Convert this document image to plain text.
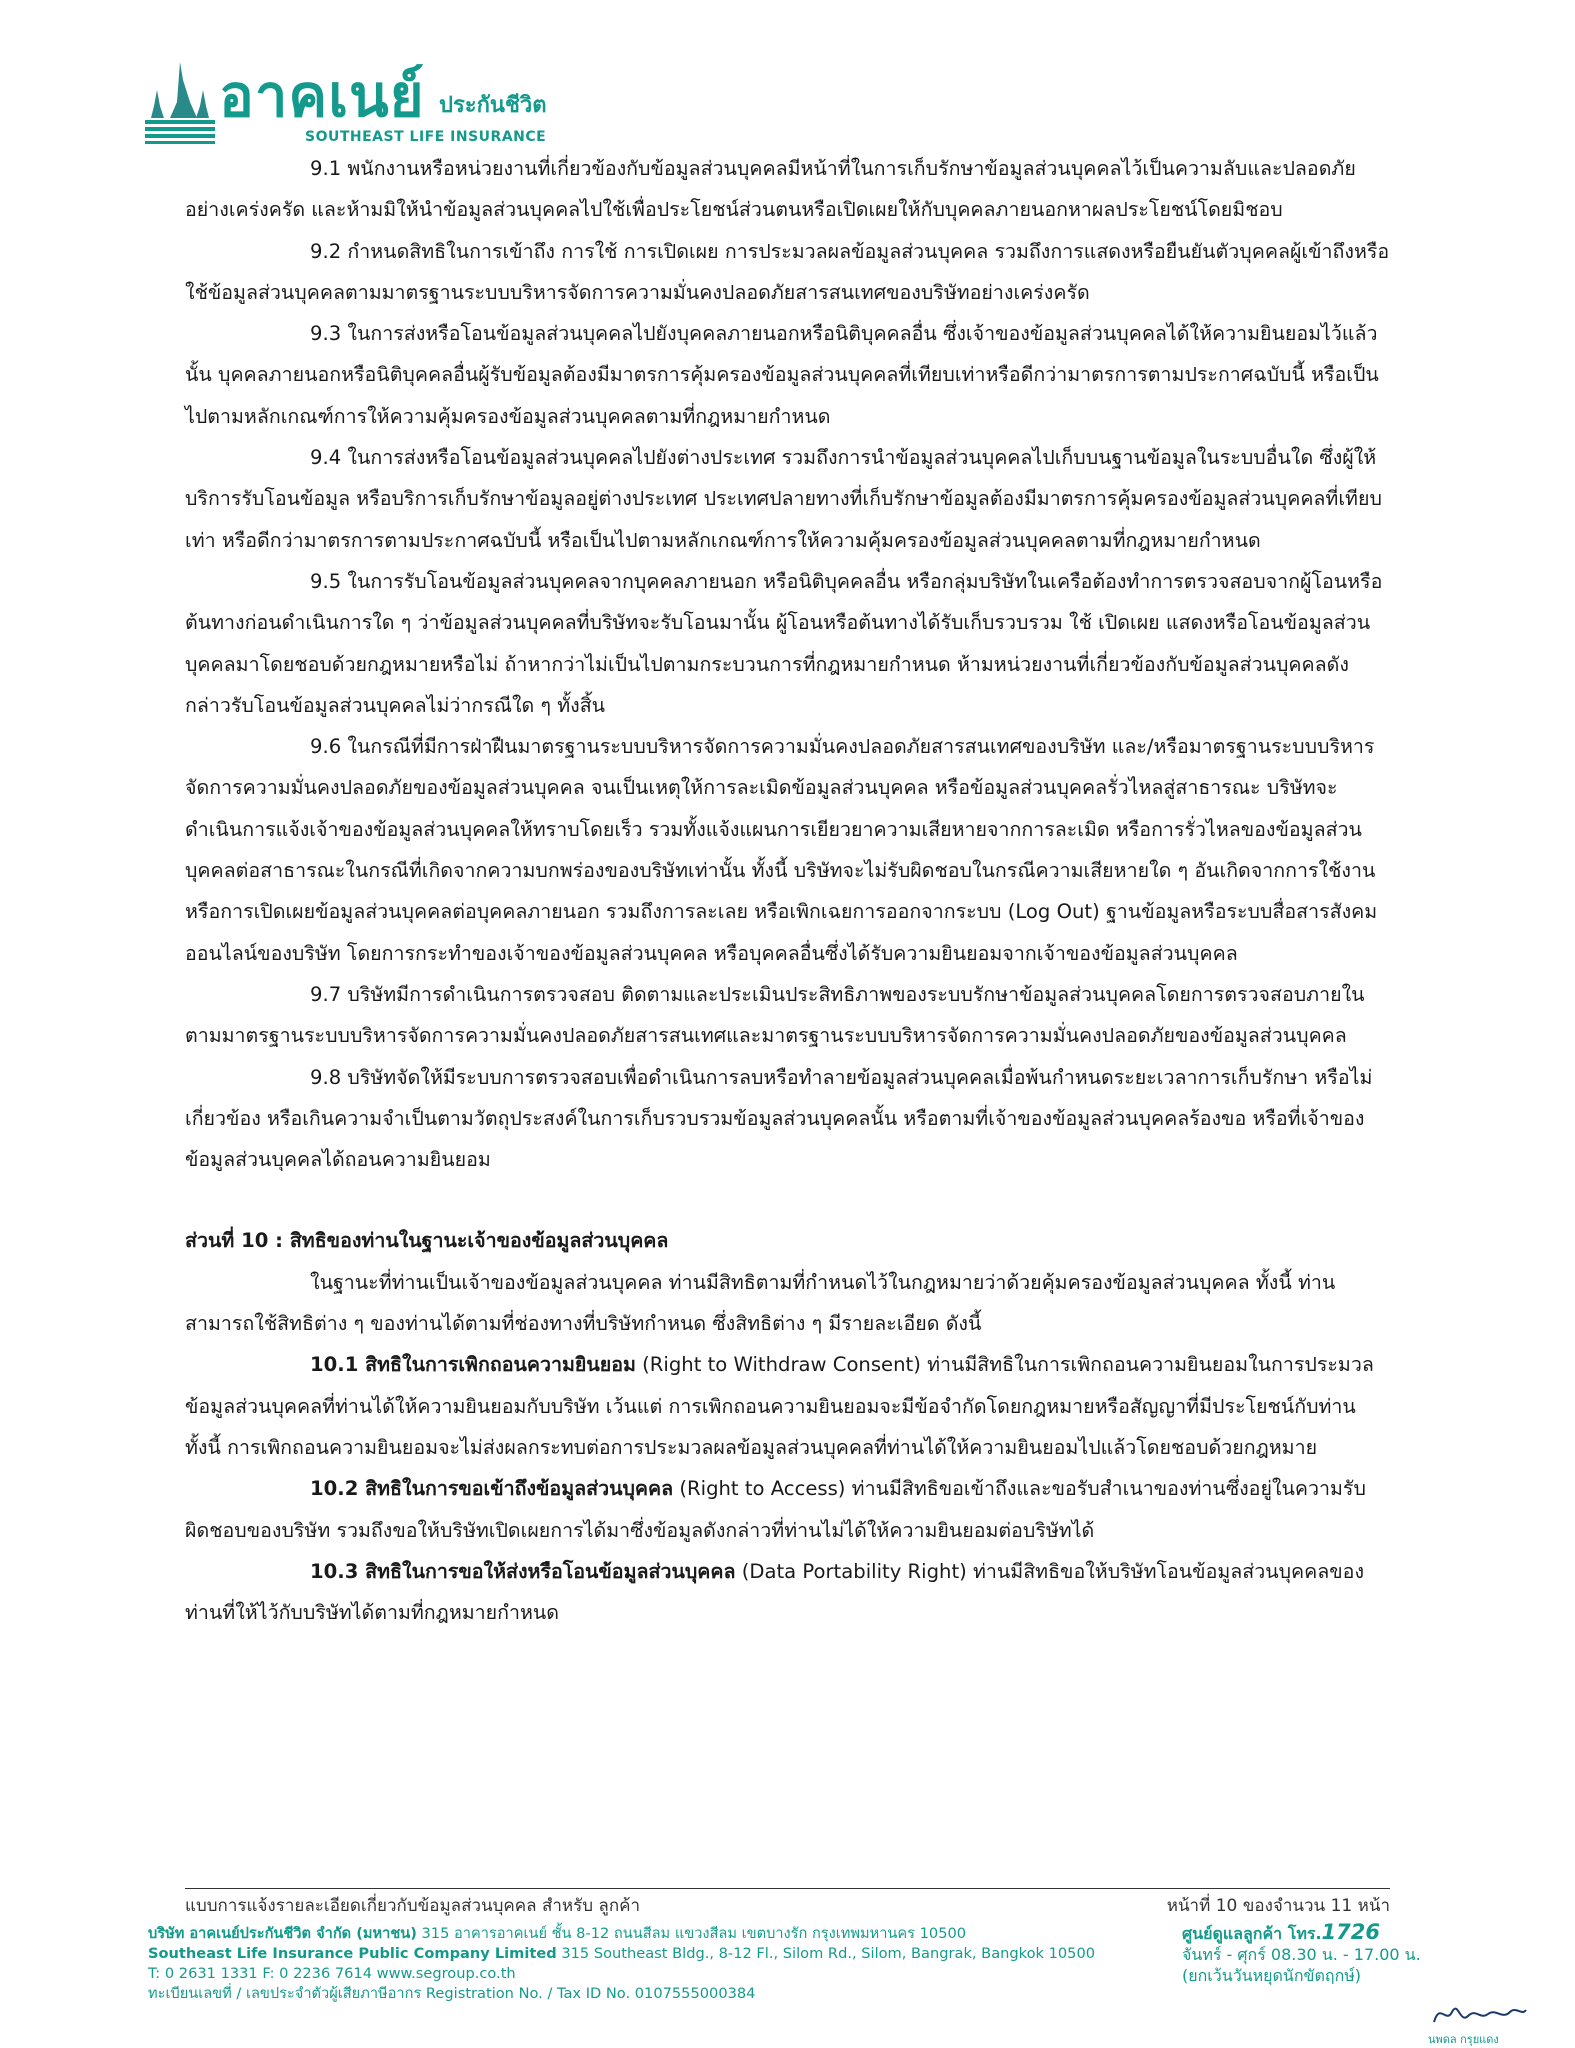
อาคเนย์ ประกันชีวิต
SOUTHEAST LIFE INSURANCE

9.1 พนักงานหรือหน่วยงานที่เกี่ยวข้องกับข้อมูลส่วนบุคคลมีหน้าที่ในการเก็บรักษาข้อมูลส่วนบุคคลไว้เป็นความลับและปลอดภัยอย่างเคร่งครัด และห้ามมิให้นำข้อมูลส่วนบุคคลไปใช้เพื่อประโยชน์ส่วนตนหรือเปิดเผยให้กับบุคคลภายนอกหาผลประโยชน์โดยมิชอบ

9.2 กำหนดสิทธิในการเข้าถึง การใช้ การเปิดเผย การประมวลผลข้อมูลส่วนบุคคล รวมถึงการแสดงหรือยืนยันตัวบุคคลผู้เข้าถึงหรือใช้ข้อมูลส่วนบุคคลตามมาตรฐานระบบบริหารจัดการความมั่นคงปลอดภัยสารสนเทศของบริษัทอย่างเคร่งครัด

9.3 ในการส่งหรือโอนข้อมูลส่วนบุคคลไปยังบุคคลภายนอกหรือนิติบุคคลอื่น ซึ่งเจ้าของข้อมูลส่วนบุคคลได้ให้ความยินยอมไว้แล้วนั้น บุคคลภายนอกหรือนิติบุคคลอื่นผู้รับข้อมูลต้องมีมาตรการคุ้มครองข้อมูลส่วนบุคคลที่เทียบเท่าหรือดีกว่ามาตรการตามประกาศฉบับนี้ หรือเป็นไปตามหลักเกณฑ์การให้ความคุ้มครองข้อมูลส่วนบุคคลตามที่กฎหมายกำหนด

9.4 ในการส่งหรือโอนข้อมูลส่วนบุคคลไปยังต่างประเทศ รวมถึงการนำข้อมูลส่วนบุคคลไปเก็บบนฐานข้อมูลในระบบอื่นใด ซึ่งผู้ให้บริการรับโอนข้อมูล หรือบริการเก็บรักษาข้อมูลอยู่ต่างประเทศ ประเทศปลายทางที่เก็บรักษาข้อมูลต้องมีมาตรการคุ้มครองข้อมูลส่วนบุคคลที่เทียบเท่า หรือดีกว่ามาตรการตามประกาศฉบับนี้ หรือเป็นไปตามหลักเกณฑ์การให้ความคุ้มครองข้อมูลส่วนบุคคลตามที่กฎหมายกำหนด

9.5 ในการรับโอนข้อมูลส่วนบุคคลจากบุคคลภายนอก หรือนิติบุคคลอื่น หรือกลุ่มบริษัทในเครือต้องทำการตรวจสอบจากผู้โอนหรือต้นทางก่อนดำเนินการใด ๆ ว่าข้อมูลส่วนบุคคลที่บริษัทจะรับโอนมานั้น ผู้โอนหรือต้นทางได้รับเก็บรวบรวม ใช้ เปิดเผย แสดงหรือโอนข้อมูลส่วนบุคคลมาโดยชอบด้วยกฎหมายหรือไม่ ถ้าหากว่าไม่เป็นไปตามกระบวนการที่กฎหมายกำหนด ห้ามหน่วยงานที่เกี่ยวข้องกับข้อมูลส่วนบุคคลดังกล่าวรับโอนข้อมูลส่วนบุคคลไม่ว่ากรณีใด ๆ ทั้งสิ้น

9.6 ในกรณีที่มีการฝ่าฝืนมาตรฐานระบบบริหารจัดการความมั่นคงปลอดภัยสารสนเทศของบริษัท และ/หรือมาตรฐานระบบบริหารจัดการความมั่นคงปลอดภัยของข้อมูลส่วนบุคคล จนเป็นเหตุให้การละเมิดข้อมูลส่วนบุคคล หรือข้อมูลส่วนบุคคลรั่วไหลสู่สาธารณะ บริษัทจะดำเนินการแจ้งเจ้าของข้อมูลส่วนบุคคลให้ทราบโดยเร็ว รวมทั้งแจ้งแผนการเยียวยาความเสียหายจากการละเมิด หรือการรั่วไหลของข้อมูลส่วนบุคคลต่อสาธารณะในกรณีที่เกิดจากความบกพร่องของบริษัทเท่านั้น ทั้งนี้ บริษัทจะไม่รับผิดชอบในกรณีความเสียหายใด ๆ อันเกิดจากการใช้งานหรือการเปิดเผยข้อมูลส่วนบุคคลต่อบุคคลภายนอก รวมถึงการละเลย หรือเพิกเฉยการออกจากระบบ (Log Out) ฐานข้อมูลหรือระบบสื่อสารสังคมออนไลน์ของบริษัท โดยการกระทำของเจ้าของข้อมูลส่วนบุคคล หรือบุคคลอื่นซึ่งได้รับความยินยอมจากเจ้าของข้อมูลส่วนบุคคล

9.7 บริษัทมีการดำเนินการตรวจสอบ ติดตามและประเมินประสิทธิภาพของระบบรักษาข้อมูลส่วนบุคคลโดยการตรวจสอบภายในตามมาตรฐานระบบบริหารจัดการความมั่นคงปลอดภัยสารสนเทศและมาตรฐานระบบบริหารจัดการความมั่นคงปลอดภัยของข้อมูลส่วนบุคคล

9.8 บริษัทจัดให้มีระบบการตรวจสอบเพื่อดำเนินการลบหรือทำลายข้อมูลส่วนบุคคลเมื่อพ้นกำหนดระยะเวลาการเก็บรักษา หรือไม่เกี่ยวข้อง หรือเกินความจำเป็นตามวัตถุประสงค์ในการเก็บรวบรวมข้อมูลส่วนบุคคลนั้น หรือตามที่เจ้าของข้อมูลส่วนบุคคลร้องขอ หรือที่เจ้าของข้อมูลส่วนบุคคลได้ถอนความยินยอม

ส่วนที่ 10 : สิทธิของท่านในฐานะเจ้าของข้อมูลส่วนบุคคล

ในฐานะที่ท่านเป็นเจ้าของข้อมูลส่วนบุคคล ท่านมีสิทธิตามที่กำหนดไว้ในกฎหมายว่าด้วยคุ้มครองข้อมูลส่วนบุคคล ทั้งนี้ ท่านสามารถใช้สิทธิต่าง ๆ ของท่านได้ตามที่ช่องทางที่บริษัทกำหนด ซึ่งสิทธิต่าง ๆ มีรายละเอียด ดังนี้

10.1 สิทธิในการเพิกถอนความยินยอม (Right to Withdraw Consent) ท่านมีสิทธิในการเพิกถอนความยินยอมในการประมวลข้อมูลส่วนบุคคลที่ท่านได้ให้ความยินยอมกับบริษัท เว้นแต่ การเพิกถอนความยินยอมจะมีข้อจำกัดโดยกฎหมายหรือสัญญาที่มีประโยชน์กับท่าน ทั้งนี้ การเพิกถอนความยินยอมจะไม่ส่งผลกระทบต่อการประมวลผลข้อมูลส่วนบุคคลที่ท่านได้ให้ความยินยอมไปแล้วโดยชอบด้วยกฎหมาย

10.2 สิทธิในการขอเข้าถึงข้อมูลส่วนบุคคล (Right to Access) ท่านมีสิทธิขอเข้าถึงและขอรับสำเนาของท่านซึ่งอยู่ในความรับผิดชอบของบริษัท รวมถึงขอให้บริษัทเปิดเผยการได้มาซึ่งข้อมูลดังกล่าวที่ท่านไม่ได้ให้ความยินยอมต่อบริษัทได้

10.3 สิทธิในการขอให้ส่งหรือโอนข้อมูลส่วนบุคคล (Data Portability Right) ท่านมีสิทธิขอให้บริษัทโอนข้อมูลส่วนบุคคลของท่านที่ให้ไว้กับบริษัทได้ตามที่กฎหมายกำหนด

แบบการแจ้งรายละเอียดเกี่ยวกับข้อมูลส่วนบุคคล สำหรับ ลูกค้า	หน้าที่ 10 ของจำนวน 11 หน้า
บริษัท อาคเนย์ประกันชีวิต จำกัด (มหาชน) 315 อาคารอาคเนย์ ชั้น 8-12 ถนนสีลม แขวงสีลม เขตบางรัก กรุงเทพมหานคร 10500
Southeast Life Insurance Public Company Limited 315 Southeast Bldg., 8-12 Fl., Silom Rd., Silom, Bangrak, Bangkok 10500
T: 0 2631 1331 F: 0 2236 7614 www.segroup.co.th
ทะเบียนเลขที่ / เลขประจำตัวผู้เสียภาษีอากร Registration No. / Tax ID No. 0107555000384
ศูนย์ดูแลลูกค้า โทร.1726
จันทร์ - ศุกร์ 08.30 น. - 17.00 น.
(ยกเว้นวันหยุดนักขัตฤกษ์)
นพดล กรุยแดง
